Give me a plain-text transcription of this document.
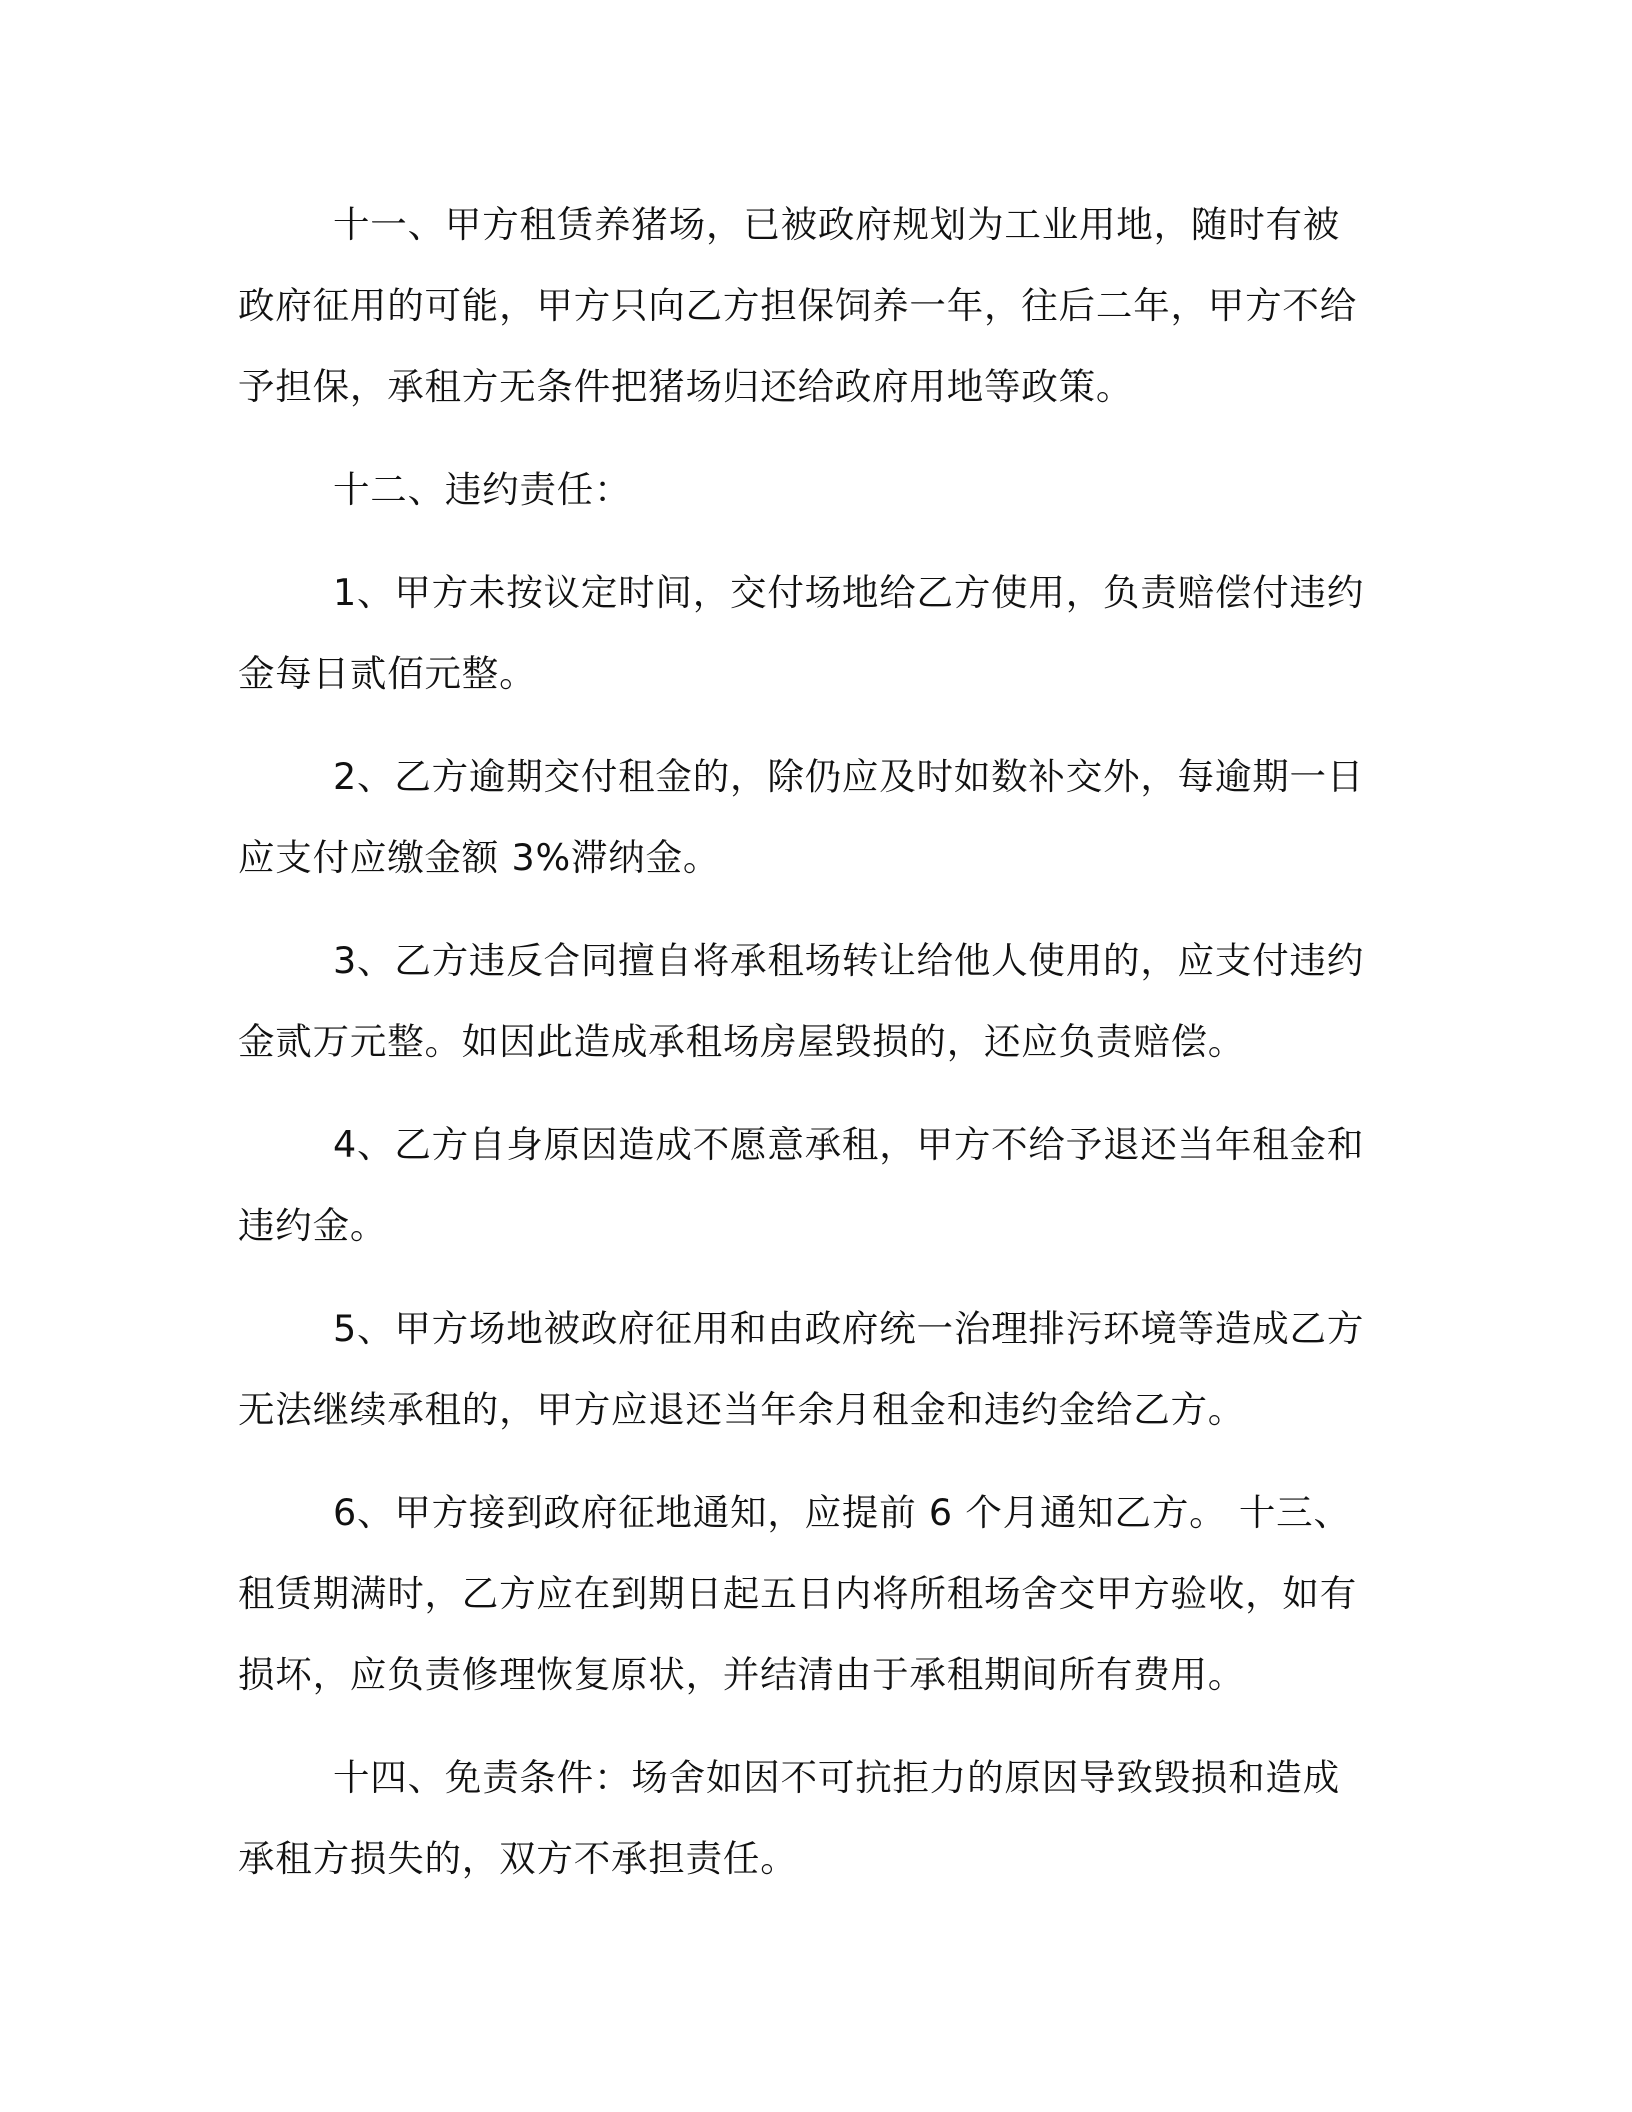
十一、甲方租赁养猪场，已被政府规划为工业用地，随时有被政府征用的可能，甲方只向乙方担保饲养一年，往后二年，甲方不给予担保，承租方无条件把猪场归还给政府用地等政策。

十二、违约责任：

1、甲方未按议定时间，交付场地给乙方使用，负责赔偿付违约金每日贰佰元整。

2、乙方逾期交付租金的，除仍应及时如数补交外，每逾期一日应支付应缴金额 3%滞纳金。

3、乙方违反合同擅自将承租场转让给他人使用的，应支付违约金贰万元整。如因此造成承租场房屋毁损的，还应负责赔偿。

4、乙方自身原因造成不愿意承租，甲方不给予退还当年租金和违约金。

5、甲方场地被政府征用和由政府统一治理排污环境等造成乙方无法继续承租的，甲方应退还当年余月租金和违约金给乙方。

6、甲方接到政府征地通知，应提前 6 个月通知乙方。 十三、租赁期满时，乙方应在到期日起五日内将所租场舍交甲方验收，如有损坏，应负责修理恢复原状，并结清由于承租期间所有费用。

十四、免责条件：场舍如因不可抗拒力的原因导致毁损和造成承租方损失的，双方不承担责任。
